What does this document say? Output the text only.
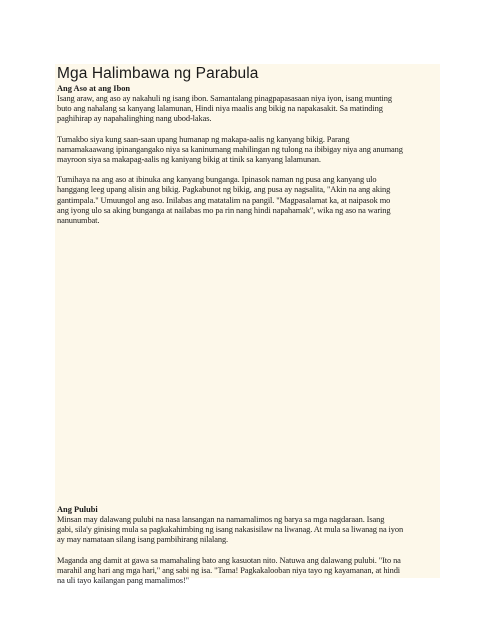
Mga Halimbawa ng Parabula
Ang Aso at ang Ibon

Isang araw, ang aso ay nakahuli ng isang ibon. Samantalang pinagpapasasaan niya iyon, isang munting
buto ang nahalang sa kanyang lalamunan, Hindi niya maalis ang bikig na napakasakit. Sa matinding
paghihirap ay napahalinghing nang ubod-lakas.

Tumakbo siya kung saan-saan upang humanap ng makapa-aalis ng kanyang bikig. Parang
namamakaawang ipinangangako niya sa kaninumang mahilingan ng tulong na ibibigay niya ang anumang
mayroon siya sa makapag-aalis ng kaniyang bikig at tinik sa kanyang lalamunan.

Tumihaya na ang aso at ibinuka ang kanyang bunganga. Ipinasok naman ng pusa ang kanyang ulo
hanggang leeg upang alisin ang bikig. Pagkabunot ng bikig, ang pusa ay nagsalita, "Akin na ang aking
gantimpala." Umuungol ang aso. Inilabas ang matatalim na pangil. "Magpasalamat ka, at naipasok mo
ang iyong ulo sa aking bunganga at nailabas mo pa rin nang hindi napahamak", wika ng aso na waring
nanunumbat.

Ang Pulubi

Minsan may dalawang pulubi na nasa lansangan na namamalimos ng barya sa mga nagdaraan. Isang
gabi, sila'y ginising mula sa pagkakahimbing ng isang nakasisilaw na liwanag. At mula sa liwanag na iyon
ay may namataan silang isang pambihirang nilalang.

Maganda ang damit at gawa sa mamahaling bato ang kasuotan nito. Natuwa ang dalawang pulubi. "Ito na
marahil ang hari ang mga hari," ang sabi ng isa. "Tama! Pagkakalooban niya tayo ng kayamanan, at hindi
na uli tayo kailangan pang mamalimos!"
